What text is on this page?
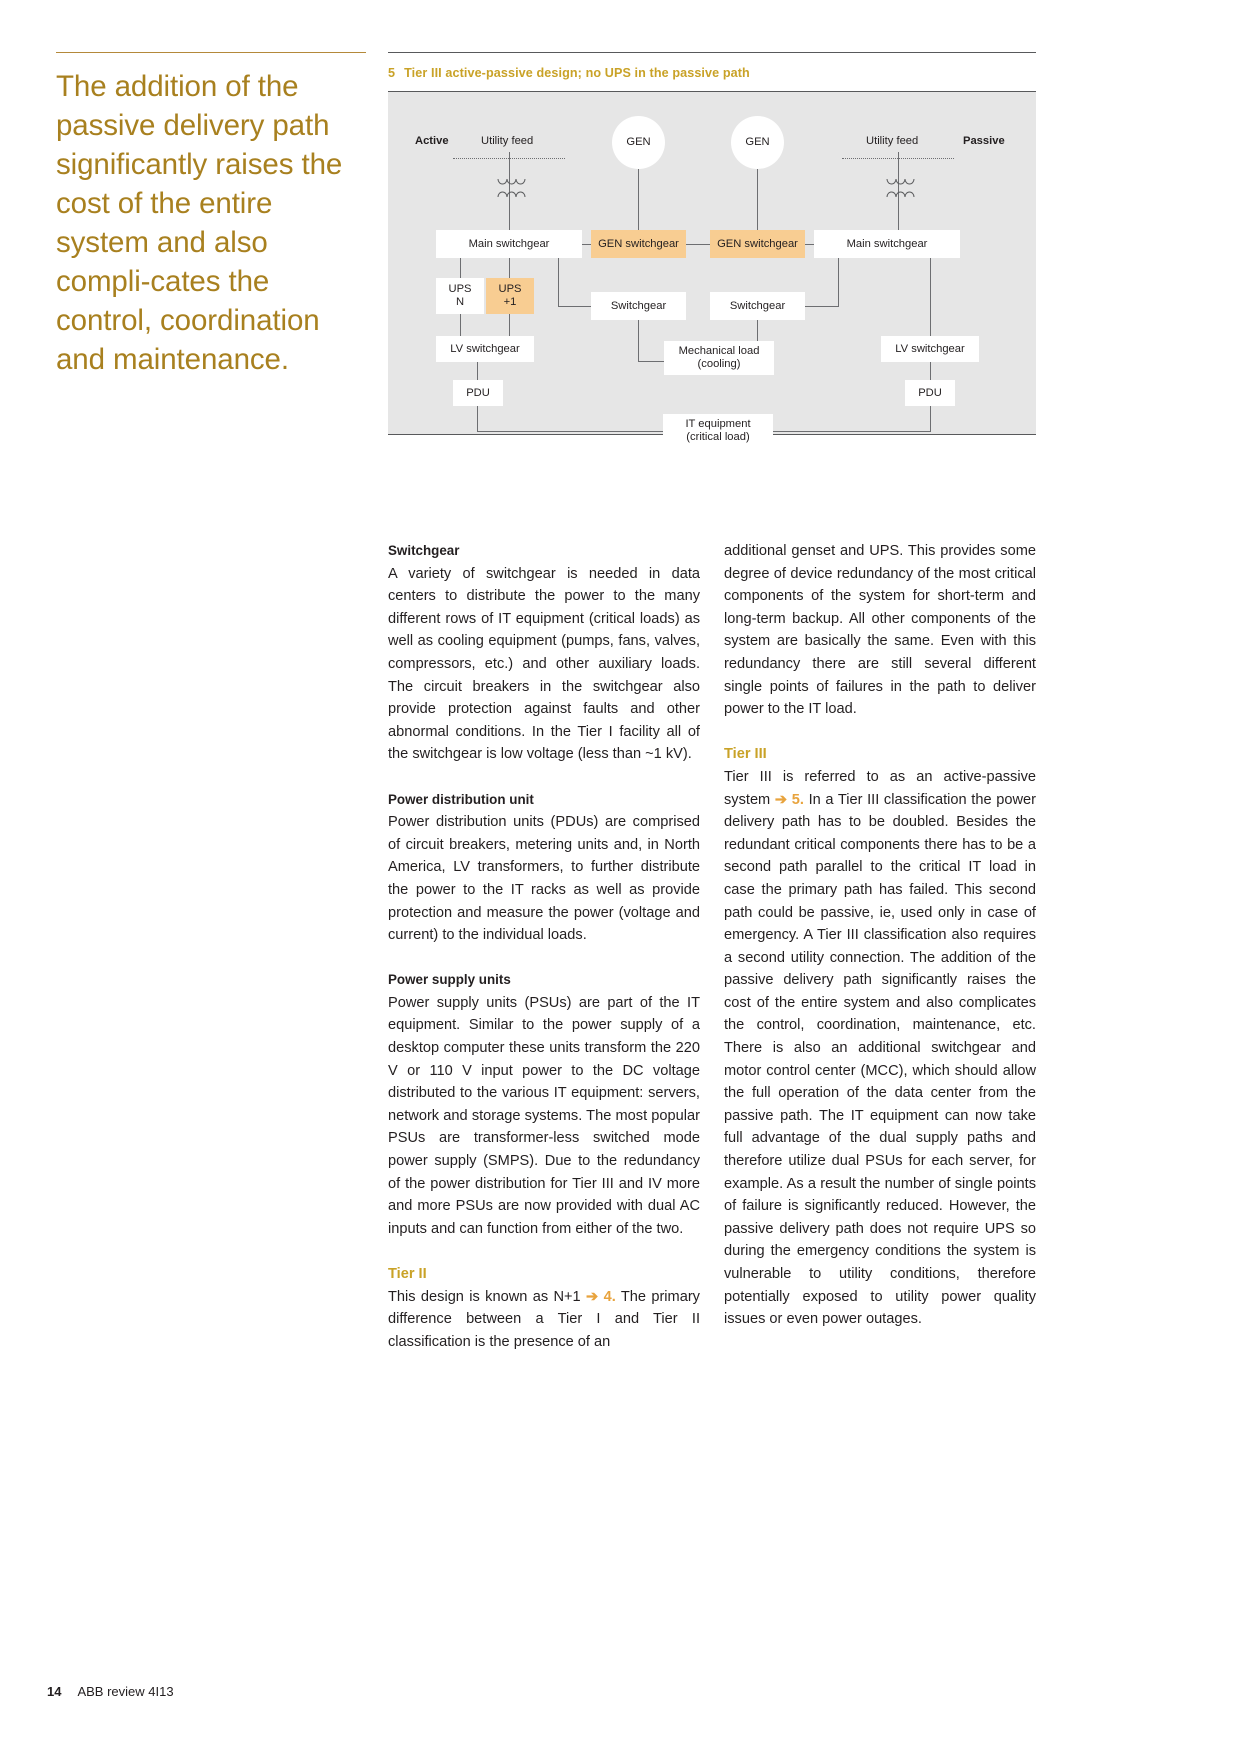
The addition of the passive delivery path significantly raises the cost of the entire system and also compli-cates the control, coordination and maintenance.
5 Tier III active-passive design; no UPS in the passive path
Active	Utility feed
Main switchgear
UPS
N
UPS
+1
LV switchgear
PDU
GEN	GEN
GEN switchgear	GEN switchgear
Switchgear	Switchgear
Mechanical load
(cooling)
Utility feed	Passive
Main switchgear
LV switchgear
PDU
IT equipment
(critical load)
Switchgear

A variety of switchgear is needed in data centers to distribute the power to the many different rows of IT equipment (critical loads) as well as cooling equipment (pumps, fans, valves, compressors, etc.) and other auxiliary loads. The circuit breakers in the switchgear also provide protection against faults and other abnormal conditions. In the Tier I facility all of the switchgear is low voltage (less than ~1 kV).

Power distribution unit

Power distribution units (PDUs) are comprised of circuit breakers, metering units and, in North America, LV transformers, to further distribute the power to the IT racks as well as provide protection and measure the power (voltage and current) to the individual loads.

Power supply units

Power supply units (PSUs) are part of the IT equipment. Similar to the power supply of a desktop computer these units transform the 220 V or 110 V input power to the DC voltage distributed to the various IT equipment: servers, network and storage systems. The most popular PSUs are transformer-less switched mode power supply (SMPS). Due to the redundancy of the power distribution for Tier III and IV more and more PSUs are now provided with dual AC inputs and can function from either of the two.

Tier II

This design is known as N+1 ➔ 4. The primary difference between a Tier I and Tier II classification is the presence of an

additional genset and UPS. This provides some degree of device redundancy of the most critical components of the system for short-term and long-term backup. All other components of the system are basically the same. Even with this redundancy there are still several different single points of failures in the path to deliver power to the IT load.

Tier III

Tier III is referred to as an active-passive system ➔ 5. In a Tier III classification the power delivery path has to be doubled. Besides the redundant critical components there has to be a second path parallel to the critical IT load in case the primary path has failed. This second path could be passive, ie, used only in case of emergency. A Tier III classification also requires a second utility connection. The addition of the passive delivery path significantly raises the cost of the entire system and also complicates the control, coordination, maintenance, etc. There is also an additional switchgear and motor control center (MCC), which should allow the full operation of the data center from the passive path. The IT equipment can now take full advantage of the dual supply paths and therefore utilize dual PSUs for each server, for example. As a result the number of single points of failure is significantly reduced. However, the passive delivery path does not require UPS so during the emergency conditions the system is vulnerable to utility conditions, therefore potentially exposed to utility power quality issues or even power outages.

14 ABB review 4I13
